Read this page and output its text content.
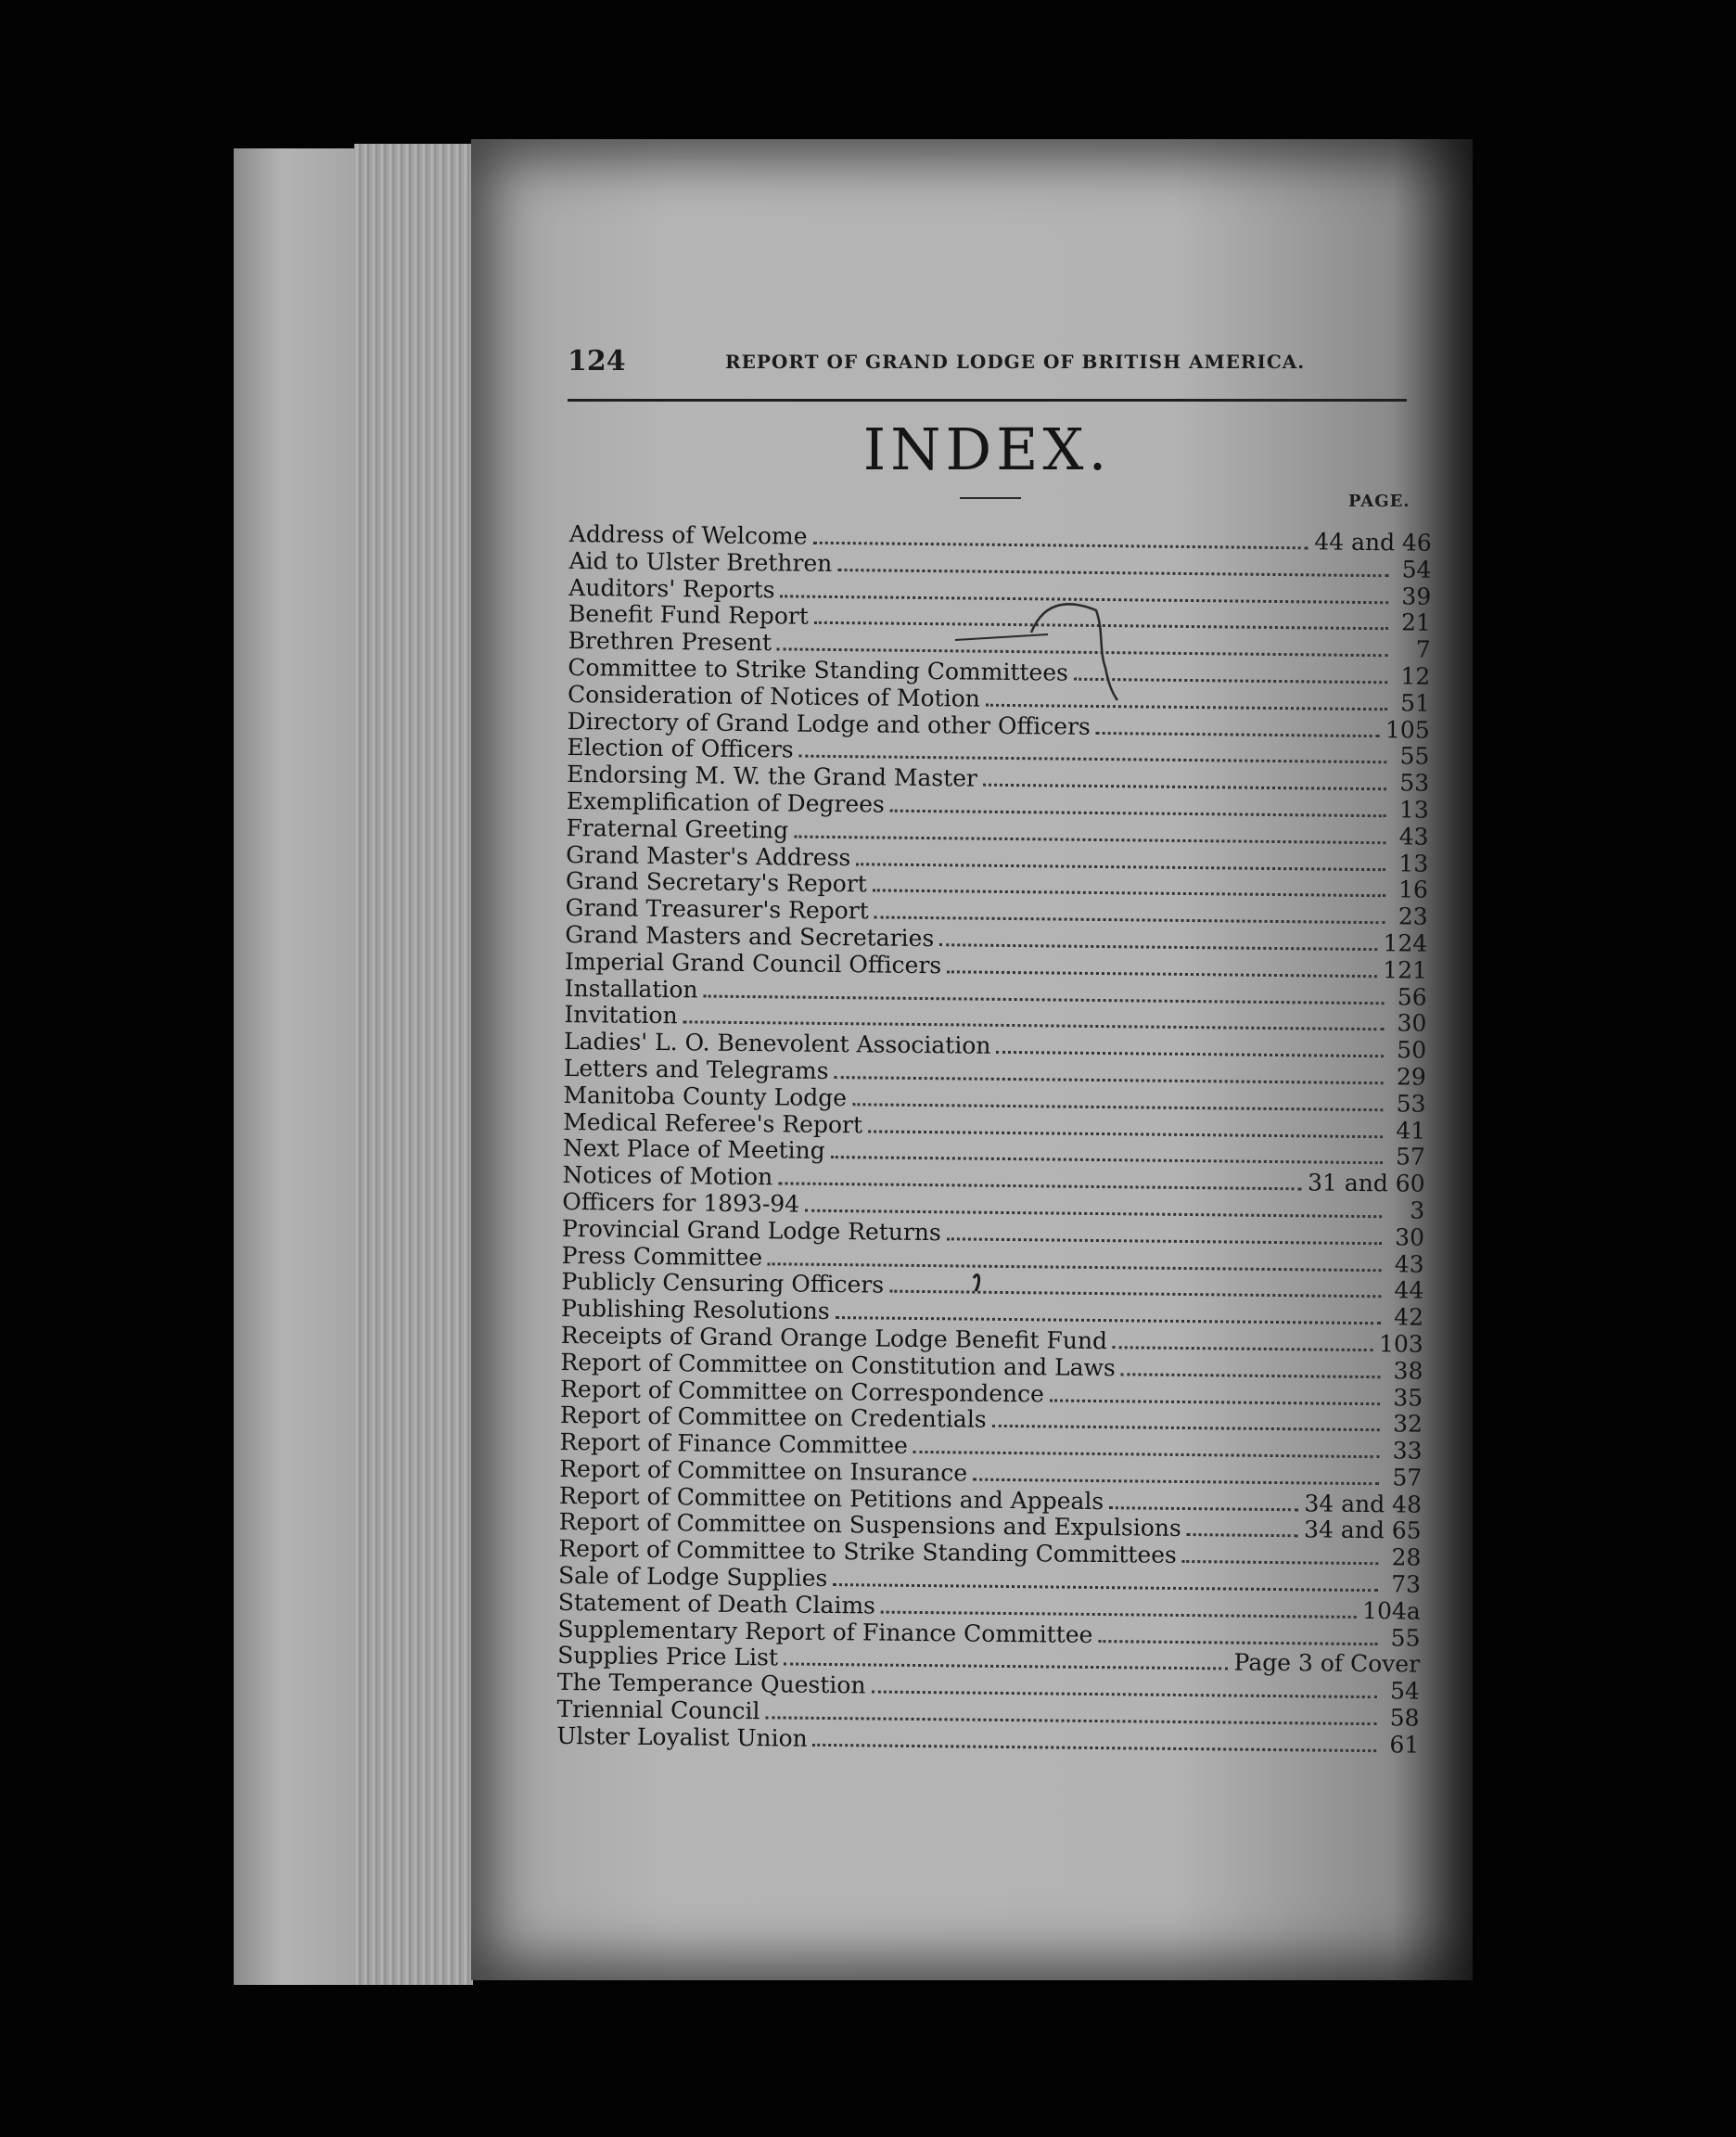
124	REPORT OF GRAND LODGE OF BRITISH AMERICA.
INDEX.
PAGE.
Address of Welcome	44 and 46
Aid to Ulster Brethren	54
Auditors' Reports	39
Benefit Fund Report	21
Brethren Present	7
Committee to Strike Standing Committees	12
Consideration of Notices of Motion	51
Directory of Grand Lodge and other Officers	105
Election of Officers	55
Endorsing M. W. the Grand Master	53
Exemplification of Degrees	13
Fraternal Greeting	43
Grand Master's Address	13
Grand Secretary's Report	16
Grand Treasurer's Report	23
Grand Masters and Secretaries	124
Imperial Grand Council Officers	121
Installation	56
Invitation	30
Ladies' L. O. Benevolent Association	50
Letters and Telegrams	29
Manitoba County Lodge	53
Medical Referee's Report	41
Next Place of Meeting	57
Notices of Motion	31 and 60
Officers for 1893-94	3
Provincial Grand Lodge Returns	30
Press Committee	43
Publicly Censuring Officers	44
Publishing Resolutions	42
Receipts of Grand Orange Lodge Benefit Fund	103
Report of Committee on Constitution and Laws	38
Report of Committee on Correspondence	35
Report of Committee on Credentials	32
Report of Finance Committee	33
Report of Committee on Insurance	57
Report of Committee on Petitions and Appeals	34 and 48
Report of Committee on Suspensions and Expulsions	34 and 65
Report of Committee to Strike Standing Committees	28
Sale of Lodge Supplies	73
Statement of Death Claims	104a
Supplementary Report of Finance Committee	55
Supplies Price List	Page 3 of Cover
The Temperance Question	54
Triennial Council	58
Ulster Loyalist Union	61
